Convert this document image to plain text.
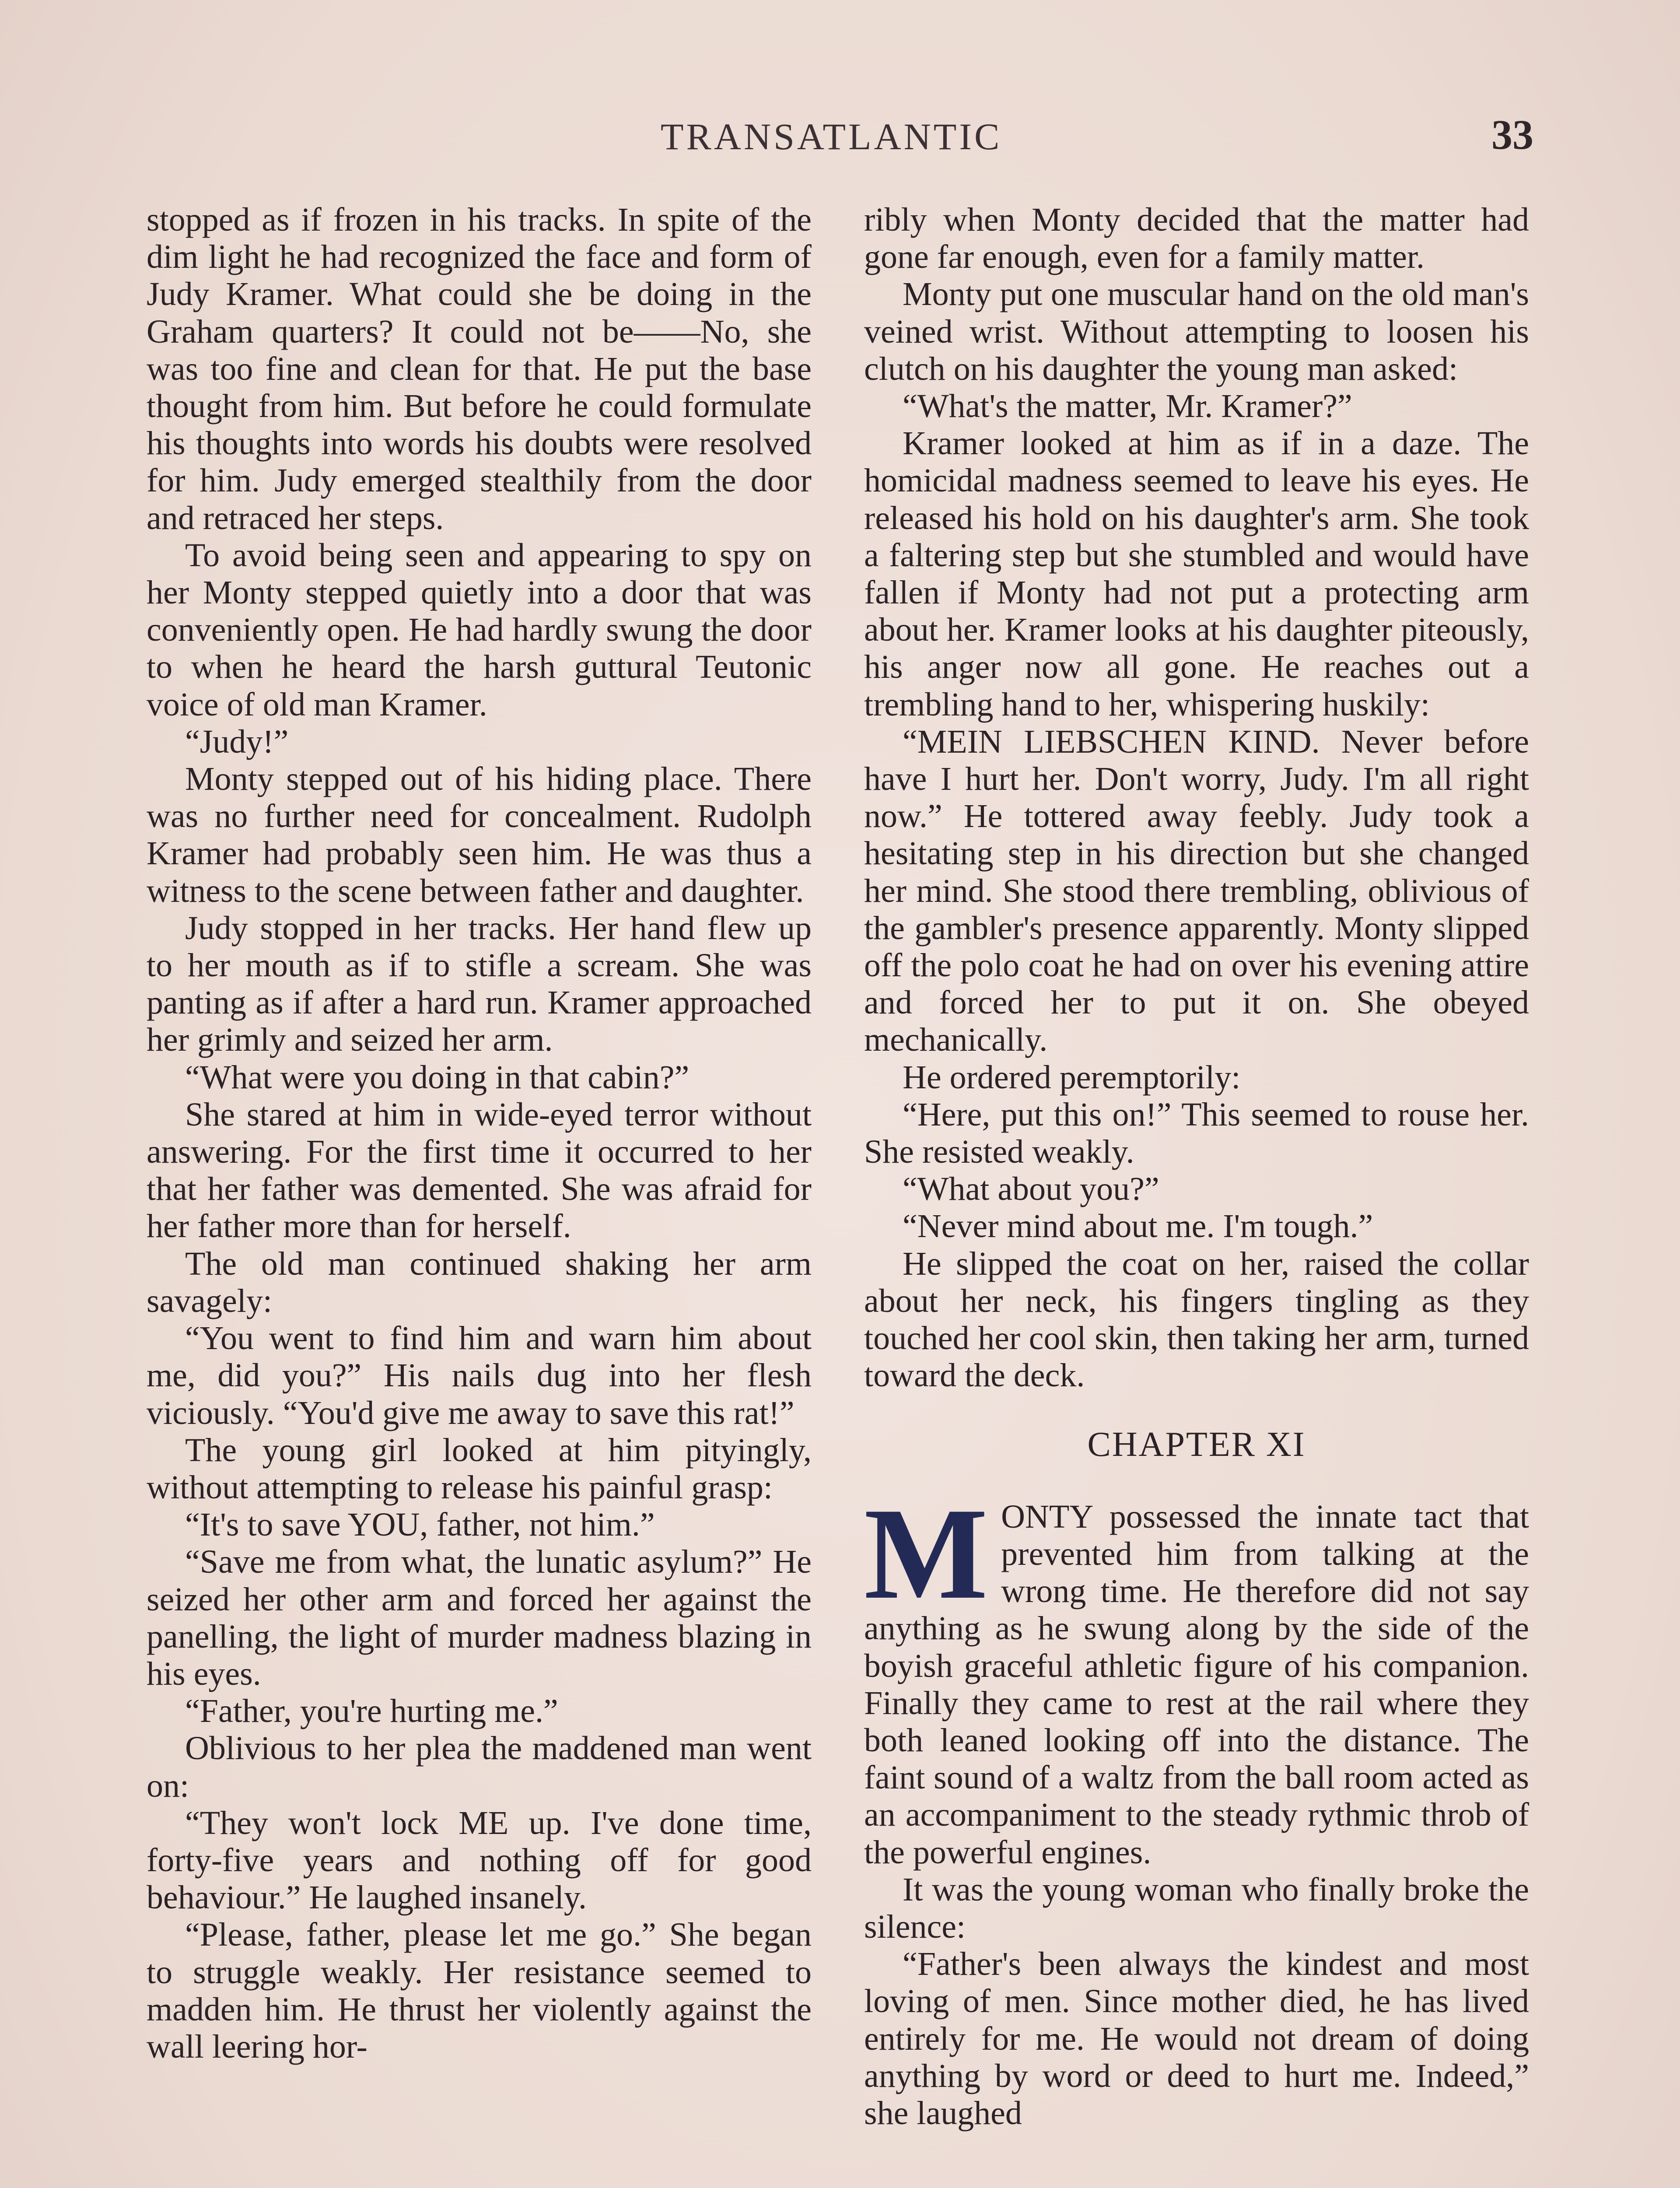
TRANSATLANTIC	33

stopped as if frozen in his tracks. In spite of the dim light he had recognized the face and form of Judy Kramer. What could she be doing in the Graham quarters? It could not be——No, she was too fine and clean for that. He put the base thought from him. But before he could formulate his thoughts into words his doubts were resolved for him. Judy emerged stealthily from the door and retraced her steps.

To avoid being seen and appearing to spy on her Monty stepped quietly into a door that was conveniently open. He had hardly swung the door to when he heard the harsh guttural Teutonic voice of old man Kramer.

“Judy!”

Monty stepped out of his hiding place. There was no further need for concealment. Rudolph Kramer had probably seen him. He was thus a witness to the scene between father and daughter.

Judy stopped in her tracks. Her hand flew up to her mouth as if to stifle a scream. She was panting as if after a hard run. Kramer approached her grimly and seized her arm.

“What were you doing in that cabin?”

She stared at him in wide-eyed terror without answering. For the first time it occurred to her that her father was demented. She was afraid for her father more than for herself.

The old man continued shaking her arm savagely:

“You went to find him and warn him about me, did you?” His nails dug into her flesh viciously. “You'd give me away to save this rat!”

The young girl looked at him pityingly, without attempting to release his painful grasp:

“It's to save YOU, father, not him.”

“Save me from what, the lunatic asylum?” He seized her other arm and forced her against the panelling, the light of murder madness blazing in his eyes.

“Father, you're hurting me.”

Oblivious to her plea the maddened man went on:

“They won't lock ME up. I've done time, forty-five years and nothing off for good behaviour.” He laughed insanely.

“Please, father, please let me go.” She began to struggle weakly. Her resistance seemed to madden him. He thrust her violently against the wall leering hor-

ribly when Monty decided that the matter had gone far enough, even for a family matter.

Monty put one muscular hand on the old man's veined wrist. Without attempting to loosen his clutch on his daughter the young man asked:

“What's the matter, Mr. Kramer?”

Kramer looked at him as if in a daze. The homicidal madness seemed to leave his eyes. He released his hold on his daughter's arm. She took a faltering step but she stumbled and would have fallen if Monty had not put a protecting arm about her. Kramer looks at his daughter piteously, his anger now all gone. He reaches out a trembling hand to her, whispering huskily:

“MEIN LIEBSCHEN KIND. Never before have I hurt her. Don't worry, Judy. I'm all right now.” He tottered away feebly. Judy took a hesitating step in his direction but she changed her mind. She stood there trembling, oblivious of the gambler's presence apparently. Monty slipped off the polo coat he had on over his evening attire and forced her to put it on. She obeyed mechanically.

He ordered peremptorily:

“Here, put this on!” This seemed to rouse her. She resisted weakly.

“What about you?”

“Never mind about me. I'm tough.”

He slipped the coat on her, raised the collar about her neck, his fingers tingling as they touched her cool skin, then taking her arm, turned toward the deck.

CHAPTER XI

MONTY possessed the innate tact that prevented him from talking at the wrong time. He therefore did not say anything as he swung along by the side of the boyish graceful athletic figure of his companion. Finally they came to rest at the rail where they both leaned looking off into the distance. The faint sound of a waltz from the ball room acted as an accompaniment to the steady rythmic throb of the powerful engines.

It was the young woman who finally broke the silence:

“Father's been always the kindest and most loving of men. Since mother died, he has lived entirely for me. He would not dream of doing anything by word or deed to hurt me. Indeed,” she laughed
